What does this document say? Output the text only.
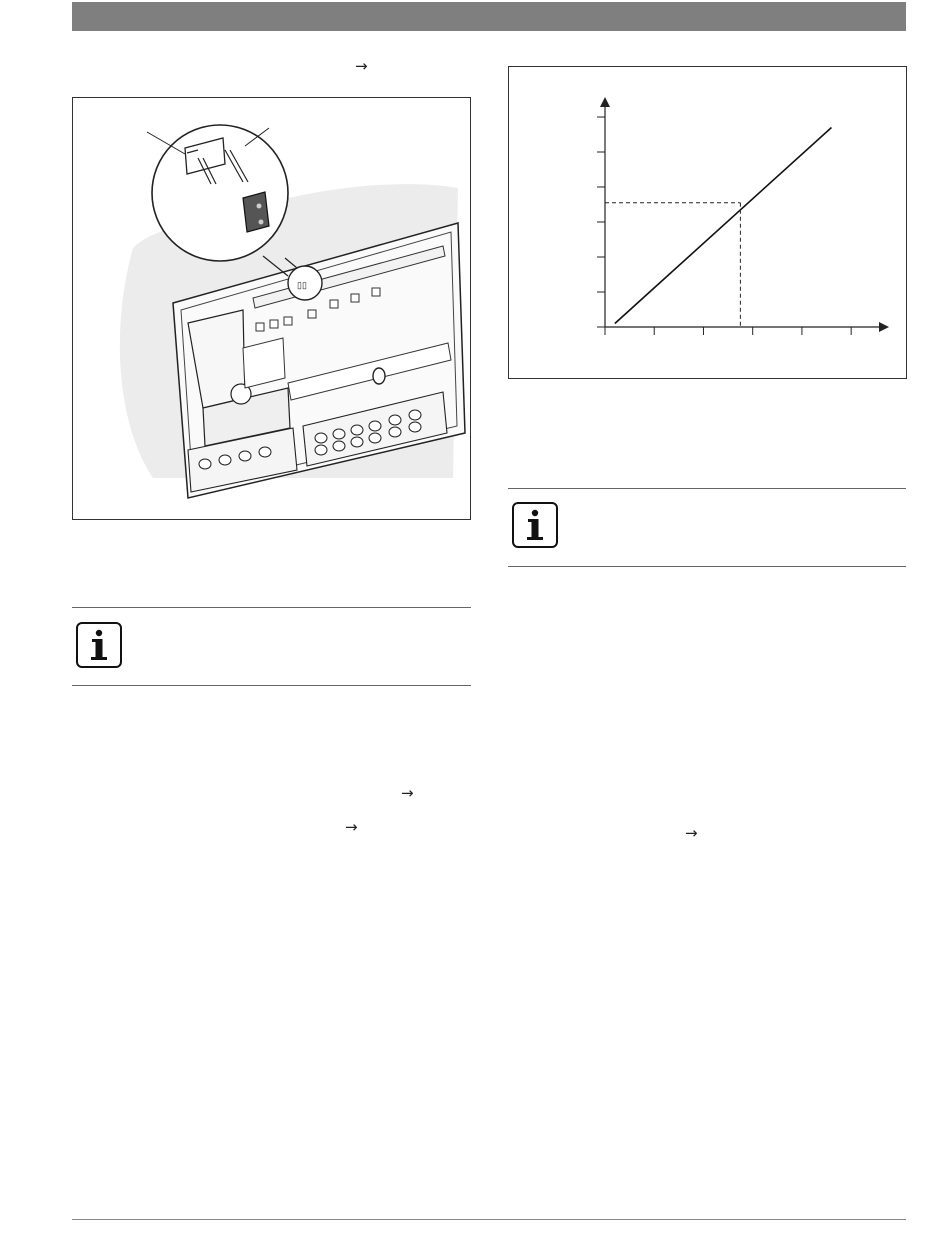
→
▯▯
→
→	→
